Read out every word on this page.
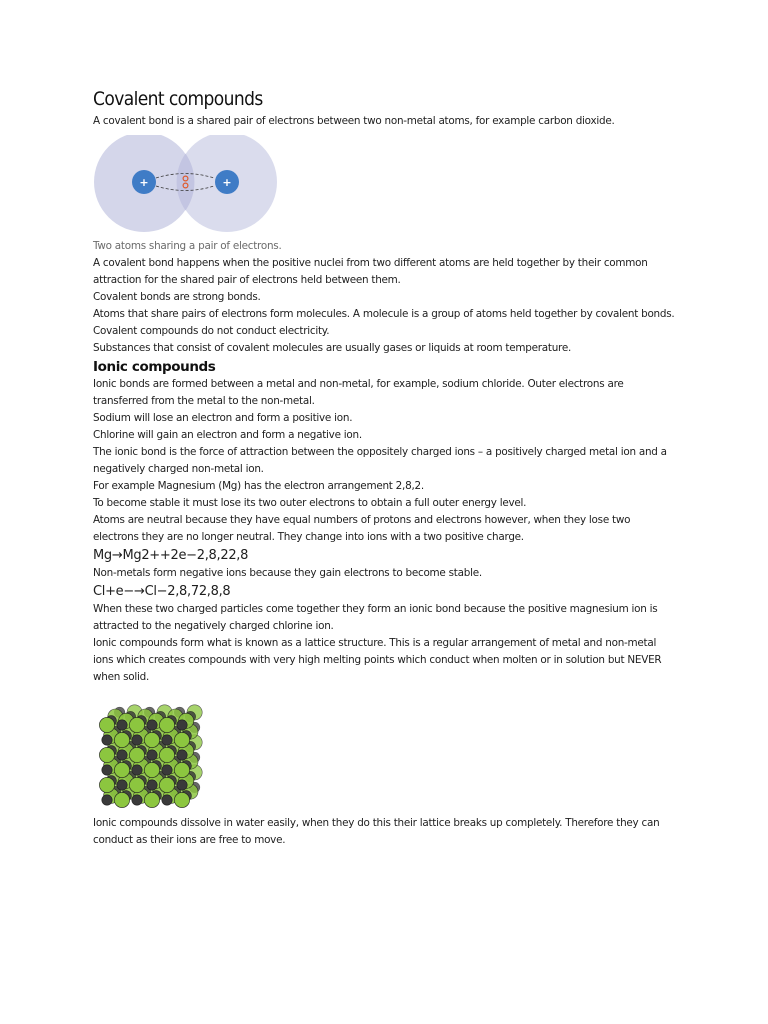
Covalent compounds

A covalent bond is a shared pair of electrons between two non-metal atoms, for example carbon dioxide.

+	+

Two atoms sharing a pair of electrons.

A covalent bond happens when the positive nuclei from two different atoms are held together by their common attraction for the shared pair of electrons held between them.

Covalent bonds are strong bonds.

Atoms that share pairs of electrons form molecules. A molecule is a group of atoms held together by covalent bonds.

Covalent compounds do not conduct electricity.

Substances that consist of covalent molecules are usually gases or liquids at room temperature.

Ionic compounds

Ionic bonds are formed between a metal and non-metal, for example, sodium chloride. Outer electrons are transferred from the metal to the non-metal.

Sodium will lose an electron and form a positive ion.

Chlorine will gain an electron and form a negative ion.

The ionic bond is the force of attraction between the oppositely charged ions – a positively charged metal ion and a negatively charged non-metal ion.

For example Magnesium (Mg) has the electron arrangement 2,8,2.

To become stable it must lose its two outer electrons to obtain a full outer energy level.

Atoms are neutral because they have equal numbers of protons and electrons however, when they lose two electrons they are no longer neutral. They change into ions with a two positive charge.

Mg→Mg2++2e−2,8,22,8

Non-metals form negative ions because they gain electrons to become stable.

Cl+e−→Cl−2,8,72,8,8

When these two charged particles come together they form an ionic bond because the positive magnesium ion is attracted to the negatively charged chlorine ion.

Ionic compounds form what is known as a lattice structure. This is a regular arrangement of metal and non-metal ions which creates compounds with very high melting points which conduct when molten or in solution but NEVER when solid.

Ionic compounds dissolve in water easily, when they do this their lattice breaks up completely. Therefore they can conduct as their ions are free to move.
